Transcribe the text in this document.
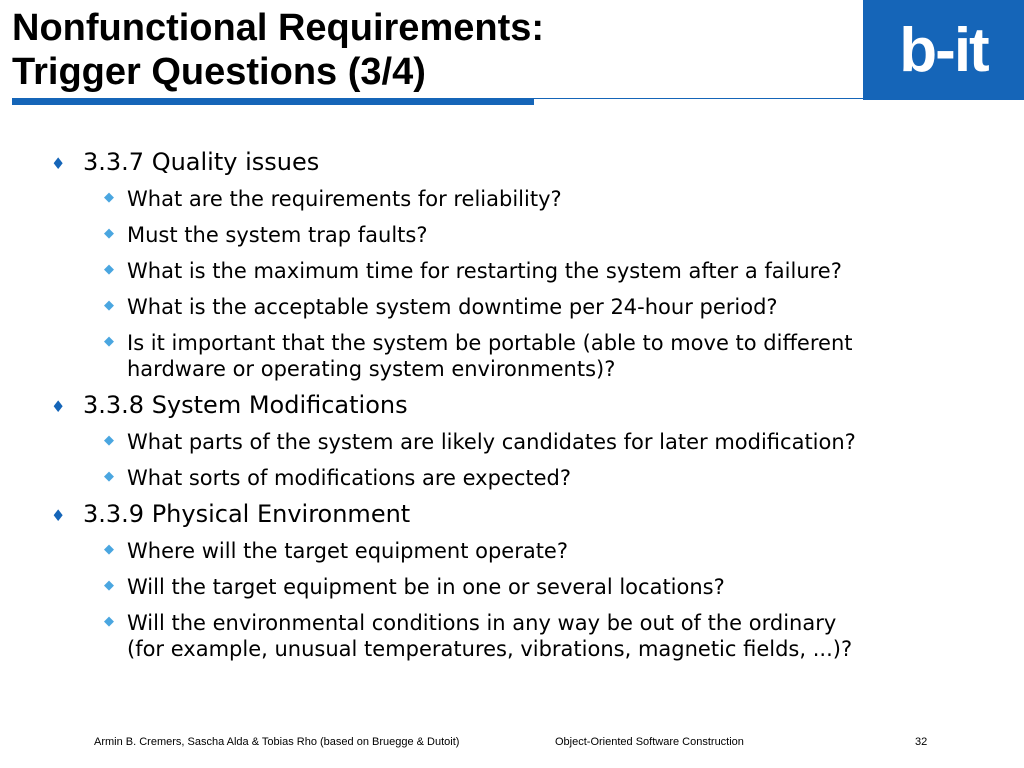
Nonfunctional Requirements:
Trigger Questions (3/4)	b-it
♦ 3.3.7 Quality issues
◆ What are the requirements for reliability?
◆ Must the system trap faults?
◆ What is the maximum time for restarting the system after a failure?
◆ What is the acceptable system downtime per 24-hour period?
◆ Is it important that the system be portable (able to move to different
hardware or operating system environments)?
♦ 3.3.8 System Modifications
◆ What parts of the system are likely candidates for later modification?
◆ What sorts of modifications are expected?
♦ 3.3.9 Physical Environment
◆ Where will the target equipment operate?
◆ Will the target equipment be in one or several locations?
◆ Will the environmental conditions in any way be out of the ordinary
(for example, unusual temperatures, vibrations, magnetic fields, ...)?
Armin B. Cremers, Sascha Alda & Tobias Rho (based on Bruegge & Dutoit)	Object-Oriented Software Construction	32
